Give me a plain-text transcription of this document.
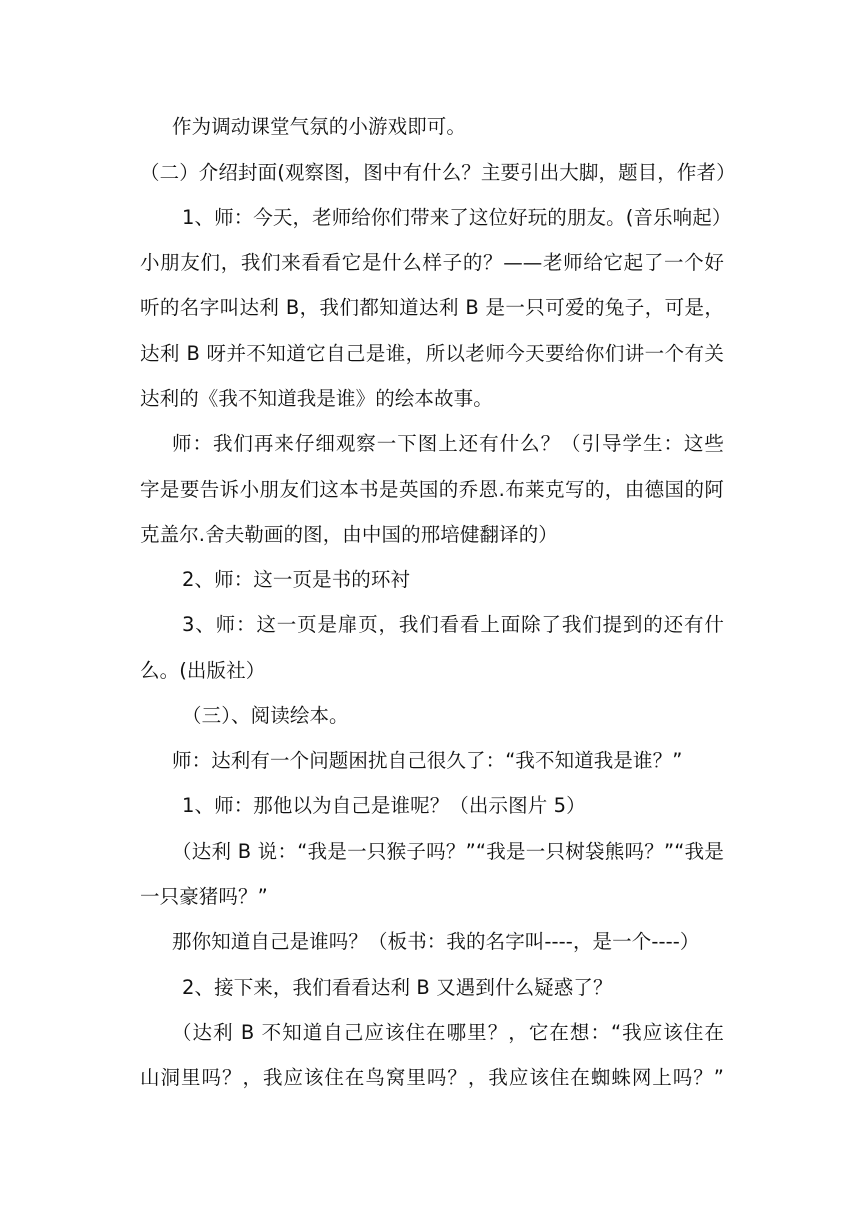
作为调动课堂气氛的小游戏即可。
（二）介绍封面(观察图，图中有什么？主要引出大脚，题目，作者）
1、师：今天，老师给你们带来了这位好玩的朋友。(音乐响起）
小朋友们，我们来看看它是什么样子的？——老师给它起了一个好
听的名字叫达利 B，我们都知道达利 B 是一只可爱的兔子，可是，
达利 B 呀并不知道它自己是谁，所以老师今天要给你们讲一个有关
达利的《我不知道我是谁》的绘本故事。
师：我们再来仔细观察一下图上还有什么？（引导学生：这些
字是要告诉小朋友们这本书是英国的乔恩.布莱克写的，由德国的阿
克盖尔.舍夫勒画的图，由中国的邢培健翻译的）
2、师：这一页是书的环衬
3、师：这一页是扉页，我们看看上面除了我们提到的还有什
么。(出版社）
（三）、阅读绘本。
师：达利有一个问题困扰自己很久了：“我不知道我是谁？”
1、师：那他以为自己是谁呢？（出示图片 5）
（达利 B 说：“我是一只猴子吗？”“我是一只树袋熊吗？”“我是
一只豪猪吗？”
那你知道自己是谁吗？（板书：我的名字叫----，是一个----）
2、接下来，我们看看达利 B 又遇到什么疑惑了？
（达利 B 不知道自己应该住在哪里？，它在想：“我应该住在
山洞里吗？，我应该住在鸟窝里吗？，我应该住在蜘蛛网上吗？”
